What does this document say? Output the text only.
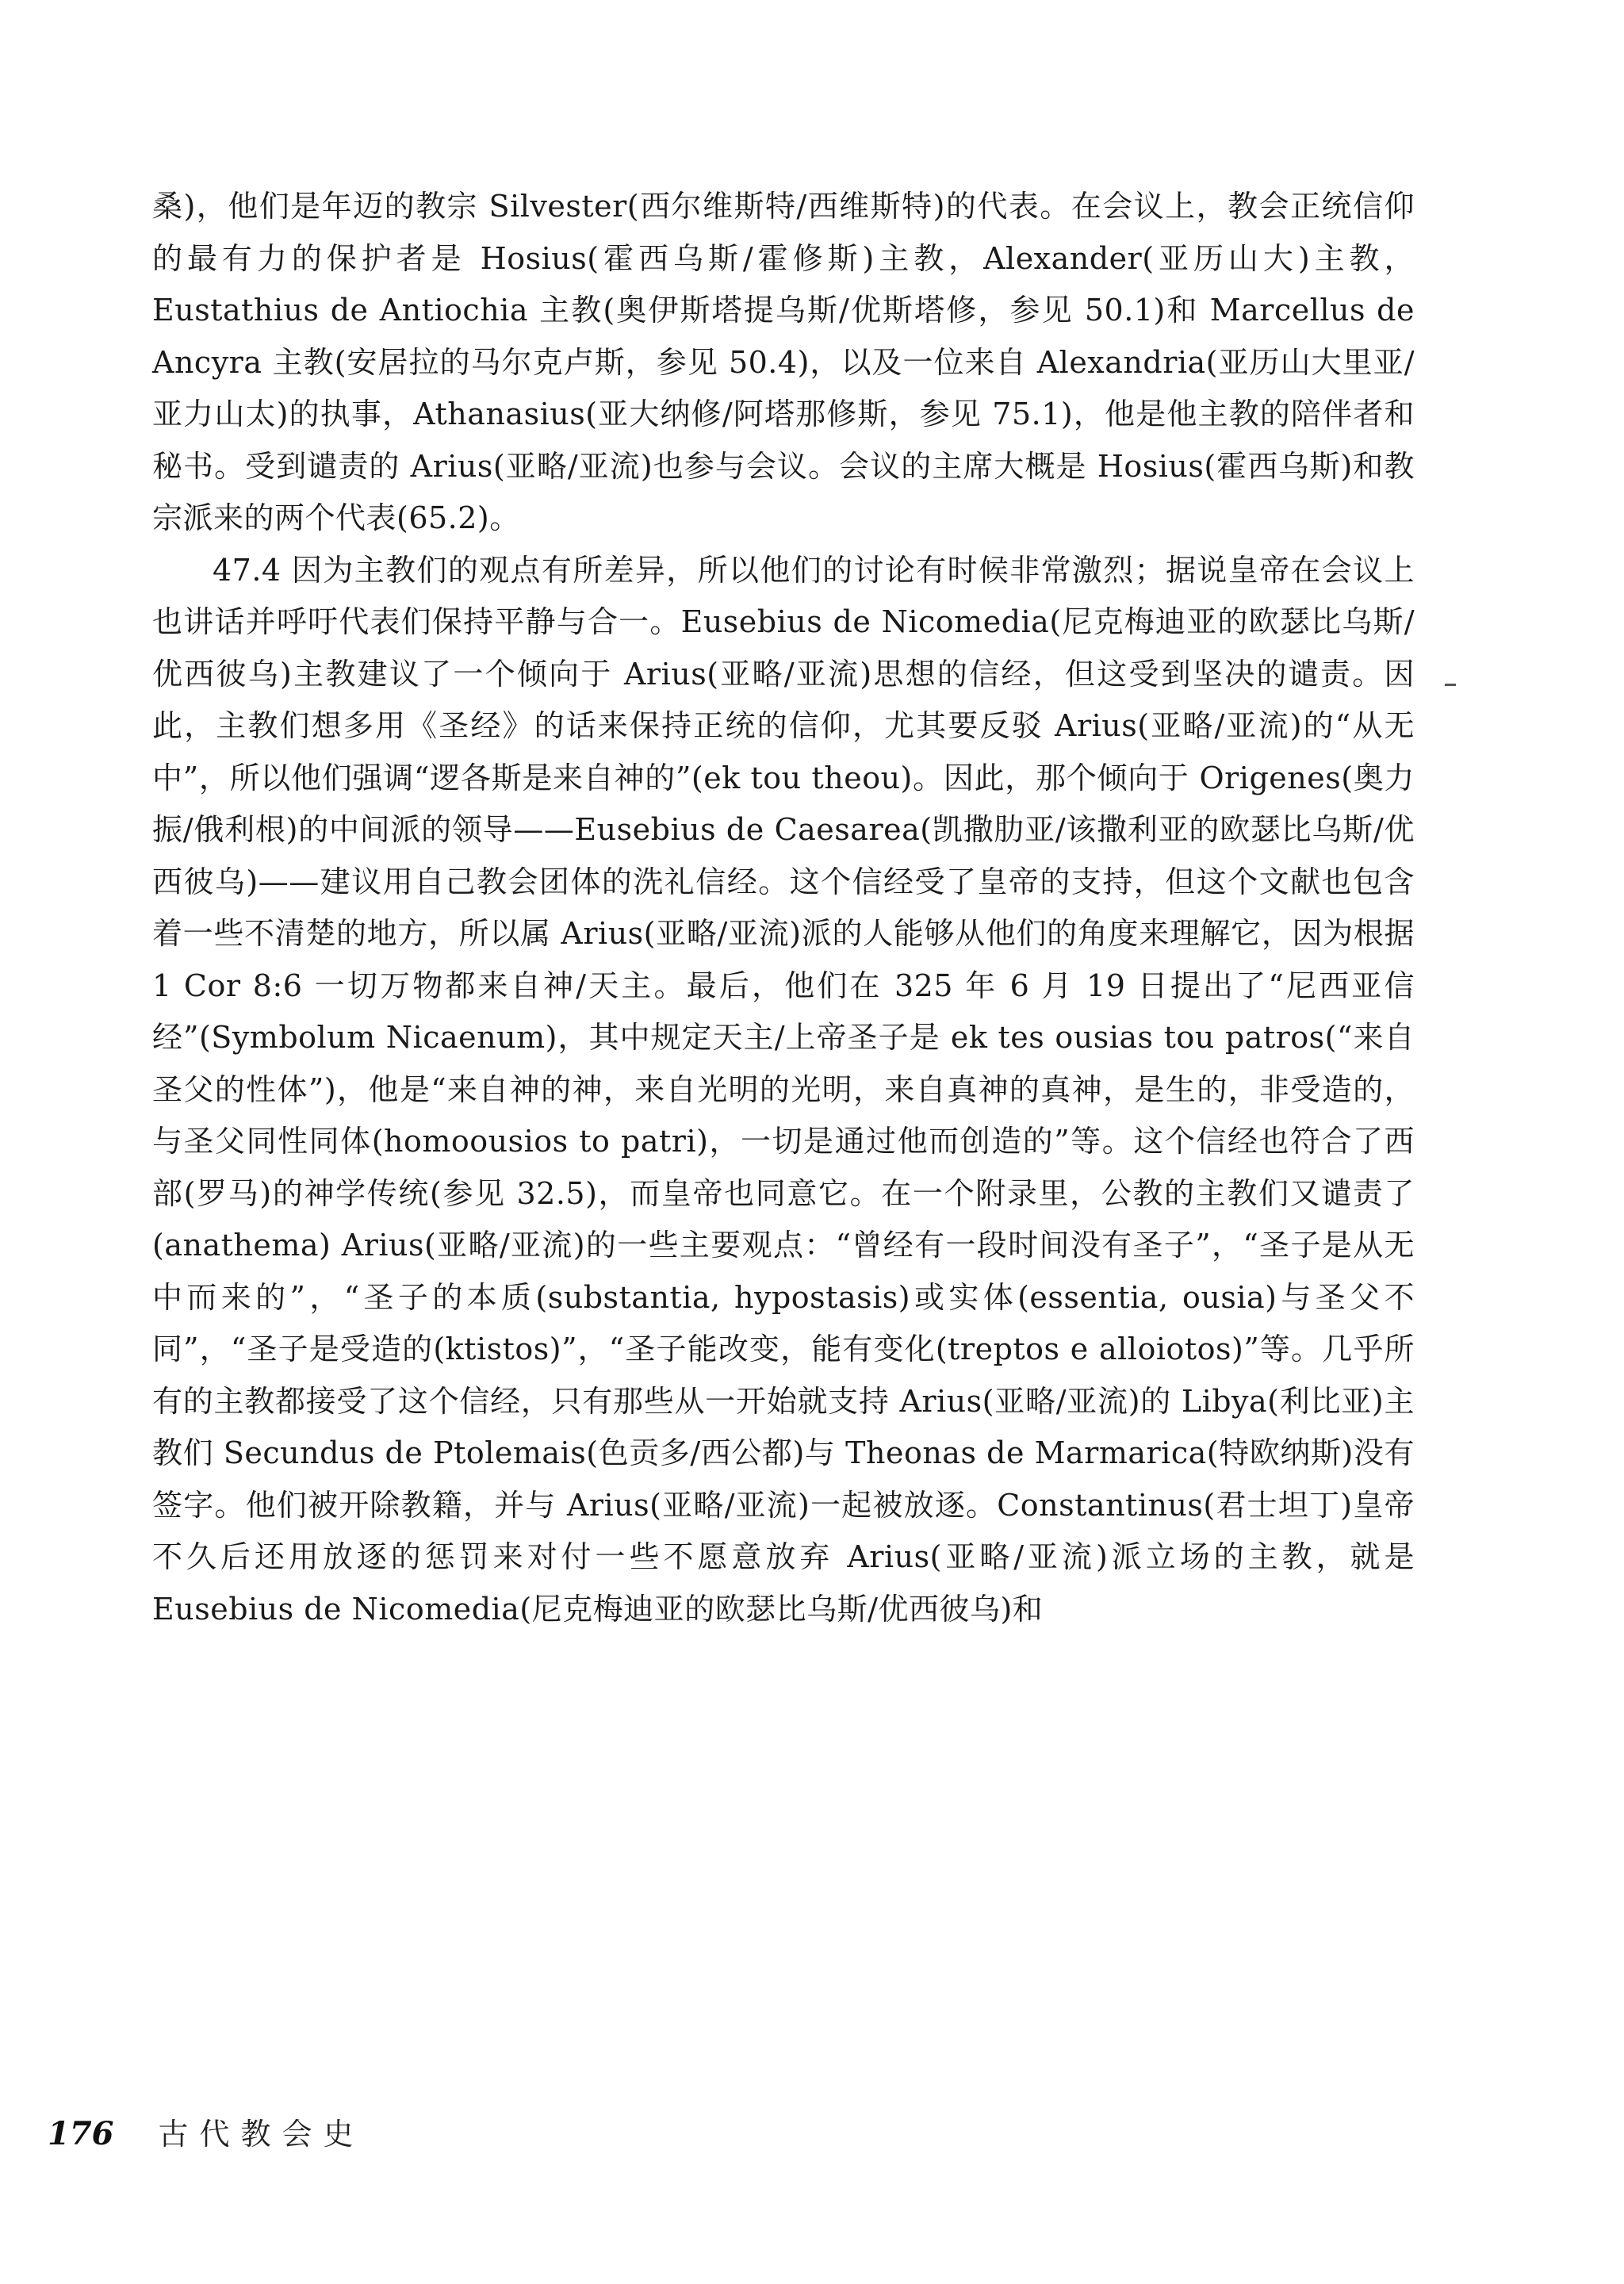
桑)，他们是年迈的教宗 Silvester(西尔维斯特/西维斯特)的代表。在会议上，教会正统信仰的最有力的保护者是 Hosius(霍西乌斯/霍修斯)主教，Alexander(亚历山大)主教，Eustathius de Antiochia 主教(奥伊斯塔提乌斯/优斯塔修，参见 50.1)和 Marcellus de Ancyra 主教(安居拉的马尔克卢斯，参见 50.4)，以及一位来自 Alexandria(亚历山大里亚/亚力山太)的执事，Athanasius(亚大纳修/阿塔那修斯，参见 75.1)，他是他主教的陪伴者和秘书。受到谴责的 Arius(亚略/亚流)也参与会议。会议的主席大概是 Hosius(霍西乌斯)和教宗派来的两个代表(65.2)。

47.4 因为主教们的观点有所差异，所以他们的讨论有时候非常激烈；据说皇帝在会议上也讲话并呼吁代表们保持平静与合一。Eusebius de Nicomedia(尼克梅迪亚的欧瑟比乌斯/优西彼乌)主教建议了一个倾向于 Arius(亚略/亚流)思想的信经，但这受到坚决的谴责。因此，主教们想多用《圣经》的话来保持正统的信仰，尤其要反驳 Arius(亚略/亚流)的“从无中”，所以他们强调“逻各斯是来自神的”(ek tou theou)。因此，那个倾向于 Origenes(奥力振/俄利根)的中间派的领导——Eusebius de Caesarea(凯撒肋亚/该撒利亚的欧瑟比乌斯/优西彼乌)——建议用自己教会团体的洗礼信经。这个信经受了皇帝的支持，但这个文献也包含着一些不清楚的地方，所以属 Arius(亚略/亚流)派的人能够从他们的角度来理解它，因为根据 1 Cor 8:6 一切万物都来自神/天主。最后，他们在 325 年 6 月 19 日提出了“尼西亚信经”(Symbolum Nicaenum)，其中规定天主/上帝圣子是 ek tes ousias tou patros(“来自圣父的性体”)，他是“来自神的神，来自光明的光明，来自真神的真神，是生的，非受造的，与圣父同性同体(homoousios to patri)，一切是通过他而创造的”等。这个信经也符合了西部(罗马)的神学传统(参见 32.5)，而皇帝也同意它。在一个附录里，公教的主教们又谴责了(anathema) Arius(亚略/亚流)的一些主要观点：“曾经有一段时间没有圣子”，“圣子是从无中而来的”，“圣子的本质(substantia, hypostasis)或实体(essentia, ousia)与圣父不同”，“圣子是受造的(ktistos)”，“圣子能改变，能有变化(treptos e alloiotos)”等。几乎所有的主教都接受了这个信经，只有那些从一开始就支持 Arius(亚略/亚流)的 Libya(利比亚)主教们 Secundus de Ptolemais(色贡多/西公都)与 Theonas de Marmarica(特欧纳斯)没有签字。他们被开除教籍，并与 Arius(亚略/亚流)一起被放逐。Constantinus(君士坦丁)皇帝不久后还用放逐的惩罚来对付一些不愿意放弃 Arius(亚略/亚流)派立场的主教，就是 Eusebius de Nicomedia(尼克梅迪亚的欧瑟比乌斯/优西彼乌)和

176 古代教会史
